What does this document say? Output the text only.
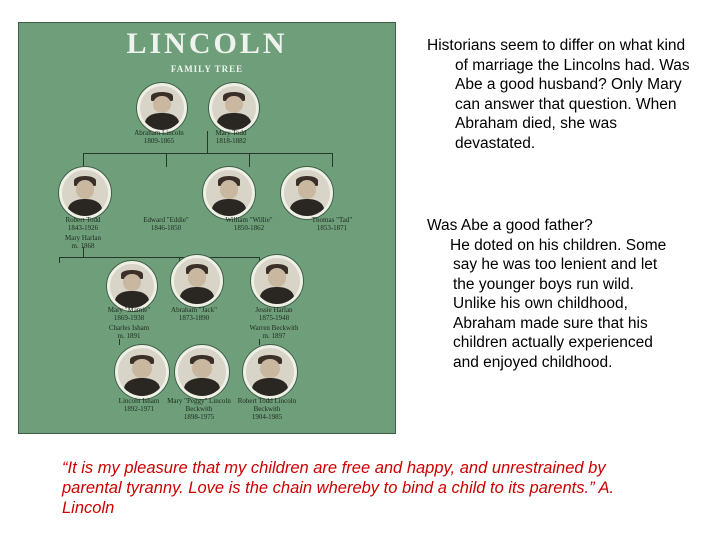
LINCOLN
FAMILY TREE
Abraham Lincoln
1809-1865
Mary Todd
1818-1882
Robert Todd
1843-1926
Edward "Eddie"
1846-1850
William "Willie"
1850-1862
Thomas "Tad"
1853-1871
Mary Harlan
m. 1868
Mary "Mamie"
1869-1938
Abraham "Jack"
1873-1890
Jessie Harlan
1875-1948
Charles Isham
m. 1891
Warren Beckwith
m. 1897
Lincoln Isham
1892-1971
Mary "Peggy" Lincoln Beckwith
1898-1975
Robert Todd Lincoln Beckwith
1904-1985

Historians seem to differ on what kind of marriage the Lincolns had. Was Abe a good husband? Only Mary can answer that question. When Abraham died, she was devastated.

Was Abe a good father?
He doted on his children. Some say he was too lenient and let the younger boys run wild. Unlike his own childhood, Abraham made sure that his children actually experienced and enjoyed childhood.

“It is my pleasure that my children are free and happy, and unrestrained by parental tyranny. Love is the chain whereby to bind a child to its parents.” A. Lincoln
